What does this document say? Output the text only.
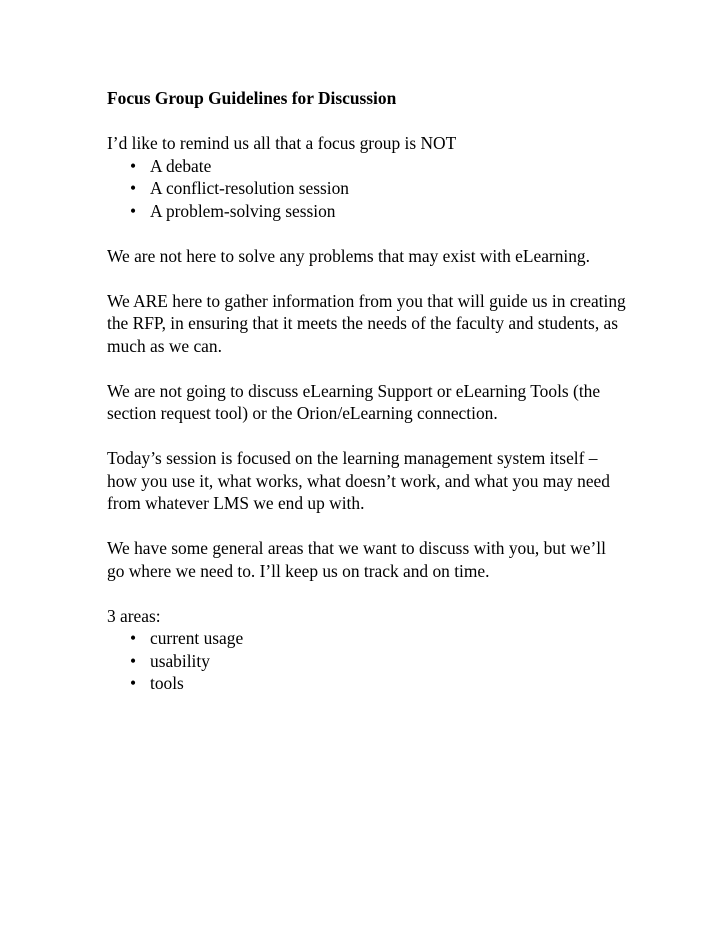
Focus Group Guidelines for Discussion
I’d like to remind us all that a focus group is NOT
• A debate
• A conflict-resolution session
• A problem-solving session

We are not here to solve any problems that may exist with eLearning.

We ARE here to gather information from you that will guide us in creating the RFP, in ensuring that it meets the needs of the faculty and students, as much as we can.

We are not going to discuss eLearning Support or eLearning Tools (the section request tool) or the Orion/eLearning connection.

Today’s session is focused on the learning management system itself – how you use it, what works, what doesn’t work, and what you may need from whatever LMS we end up with.

We have some general areas that we want to discuss with you, but we’ll go where we need to. I’ll keep us on track and on time.

3 areas:
• current usage
• usability
• tools
